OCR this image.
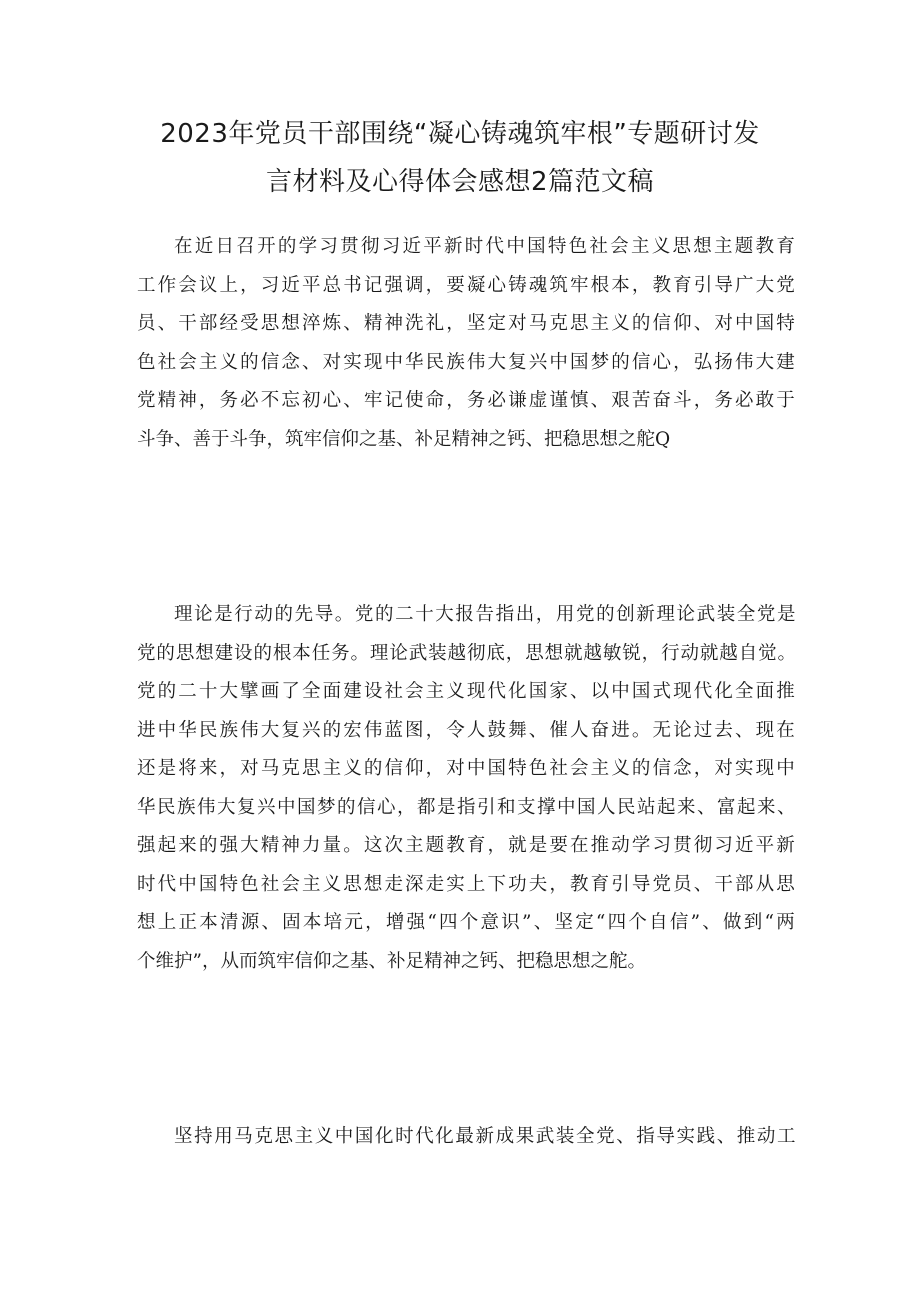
2023年党员干部围绕“凝心铸魂筑牢根”专题研讨发
言材料及心得体会感想2篇范文稿

在近日召开的学习贯彻习近平新时代中国特色社会主义思想主题教育
工作会议上，习近平总书记强调，要凝心铸魂筑牢根本，教育引导广大党
员、干部经受思想淬炼、精神洗礼，坚定对马克思主义的信仰、对中国特
色社会主义的信念、对实现中华民族伟大复兴中国梦的信心，弘扬伟大建
党精神，务必不忘初心、牢记使命，务必谦虚谨慎、艰苦奋斗，务必敢于
斗争、善于斗争，筑牢信仰之基、补足精神之钙、把稳思想之舵Q

理论是行动的先导。党的二十大报告指出，用党的创新理论武装全党是
党的思想建设的根本任务。理论武装越彻底，思想就越敏锐，行动就越自觉。
党的二十大擘画了全面建设社会主义现代化国家、以中国式现代化全面推
进中华民族伟大复兴的宏伟蓝图，令人鼓舞、催人奋进。无论过去、现在
还是将来，对马克思主义的信仰，对中国特色社会主义的信念，对实现中
华民族伟大复兴中国梦的信心，都是指引和支撑中国人民站起来、富起来、
强起来的强大精神力量。这次主题教育，就是要在推动学习贯彻习近平新
时代中国特色社会主义思想走深走实上下功夫，教育引导党员、干部从思
想上正本清源、固本培元，增强“四个意识”、坚定“四个自信”、做到“两
个维护”，从而筑牢信仰之基、补足精神之钙、把稳思想之舵。

坚持用马克思主义中国化时代化最新成果武装全党、指导实践、推动工
